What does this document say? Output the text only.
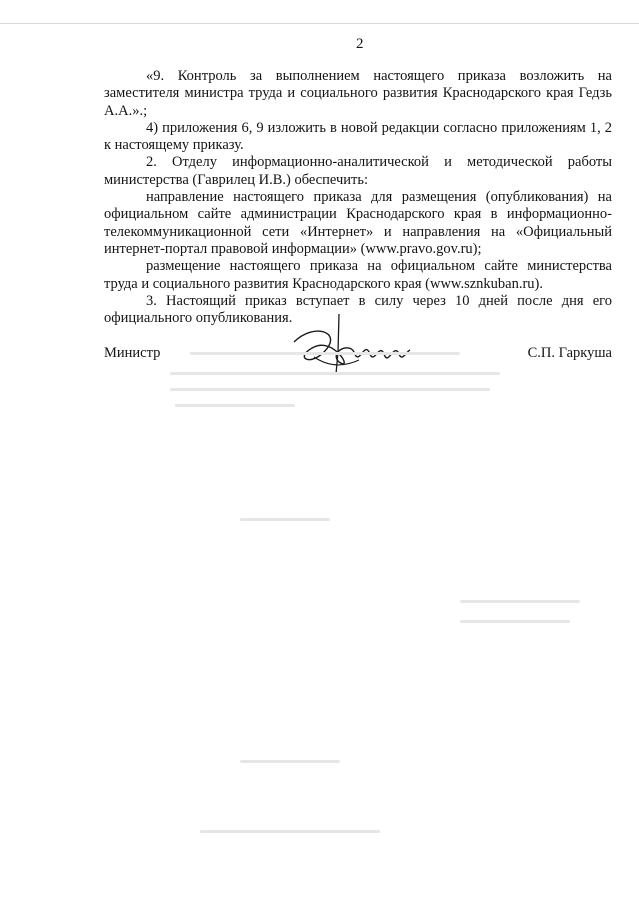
2

«9. Контроль за выполнением настоящего приказа возложить на заместителя министра труда и социального развития Краснодарского края Гедзь А.А.».;

4) приложения 6, 9 изложить в новой редакции согласно приложениям 1, 2 к настоящему приказу.

2. Отделу информационно-аналитической и методической работы министерства (Гаврилец И.В.) обеспечить:

направление настоящего приказа для размещения (опубликования) на официальном сайте администрации Краснодарского края в информационно-телекоммуникационной сети «Интернет» и направления на «Официальный интернет-портал правовой информации» (www.pravo.gov.ru);

размещение настоящего приказа на официальном сайте министерства труда и социального развития Краснодарского края (www.sznkuban.ru).

3. Настоящий приказ вступает в силу через 10 дней после дня его официального опубликования.

Министр	С.П. Гаркуша
